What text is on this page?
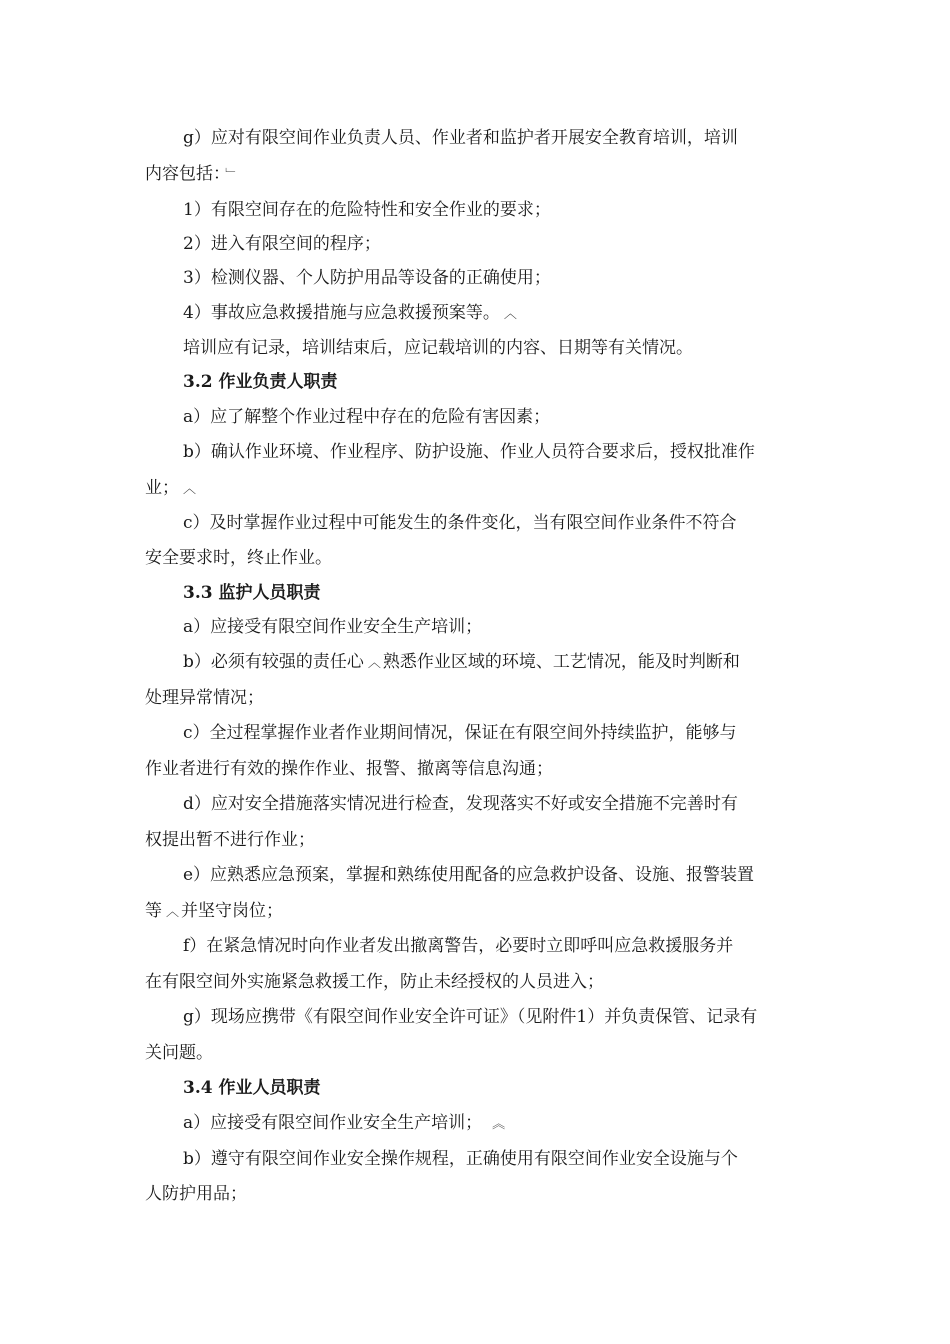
g）应对有限空间作业负责人员、作业者和监护者开展安全教育培训，培训
内容包括： ﹂
1）有限空间存在的危险特性和安全作业的要求；
2）进入有限空间的程序；
3）检测仪器、个人防护用品等设备的正确使用；
4）事故应急救援措施与应急救援预案等。 ︿
培训应有记录，培训结束后，应记载培训的内容、日期等有关情况。
3.2 作业负责人职责
a）应了解整个作业过程中存在的危险有害因素；
b）确认作业环境、作业程序、防护设施、作业人员符合要求后，授权批准作
业； ︿
c）及时掌握作业过程中可能发生的条件变化，当有限空间作业条件不符合
安全要求时，终止作业。
3.3 监护人员职责
a）应接受有限空间作业安全生产培训；
b）必须有较强的责任心 ︿ 熟悉作业区域的环境、工艺情况，能及时判断和
处理异常情况；
c）全过程掌握作业者作业期间情况，保证在有限空间外持续监护，能够与
作业者进行有效的操作作业、报警、撤离等信息沟通；
d）应对安全措施落实情况进行检查，发现落实不好或安全措施不完善时有
权提出暂不进行作业；
e）应熟悉应急预案，掌握和熟练使用配备的应急救护设备、设施、报警装置
等 ︿ 并坚守岗位；
f）在紧急情况时向作业者发出撤离警告，必要时立即呼叫应急救援服务并
在有限空间外实施紧急救援工作，防止未经授权的人员进入；
g）现场应携带《有限空间作业安全许可证》（见附件1）并负责保管、记录有
关问题。
3.4 作业人员职责
a）应接受有限空间作业安全生产培训； ︽
b）遵守有限空间作业安全操作规程，正确使用有限空间作业安全设施与个
人防护用品；
